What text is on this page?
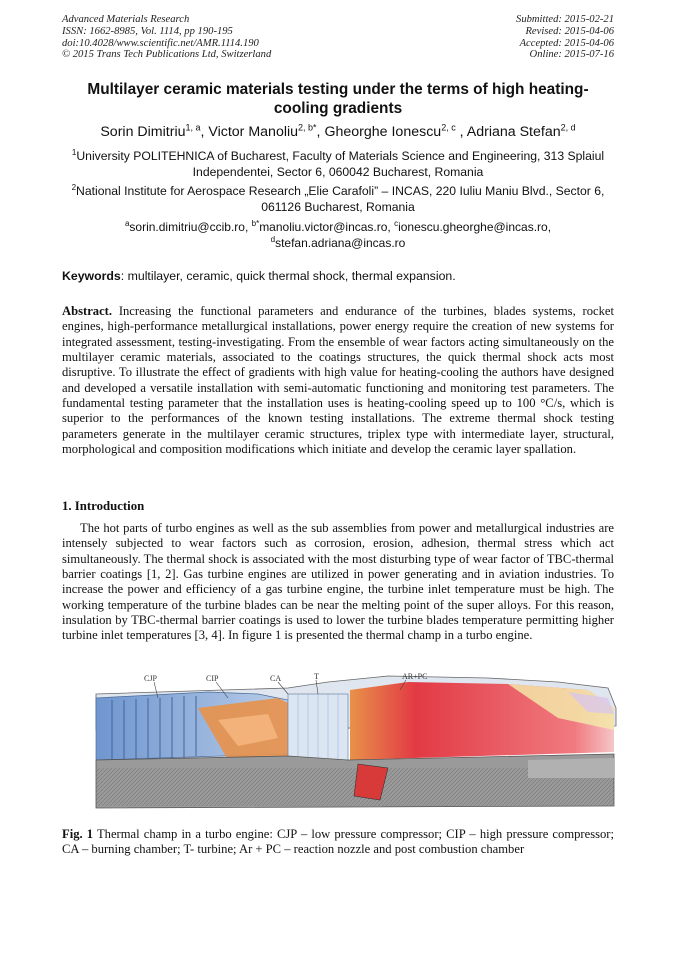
Advanced Materials Research
ISSN: 1662-8985, Vol. 1114, pp 190-195
doi:10.4028/www.scientific.net/AMR.1114.190
© 2015 Trans Tech Publications Ltd, Switzerland
Submitted: 2015-02-21
Revised: 2015-04-06
Accepted: 2015-04-06
Online: 2015-07-16
Multilayer ceramic materials testing under the terms of high heating-cooling gradients
Sorin Dimitriu$^{1, a}$, Victor Manoliu$^{2, b*}$, Gheorghe Ionescu$^{2, c}$ , Adriana Stefan$^{2, d}$
$^1$University POLITEHNICA of Bucharest, Faculty of Materials Science and Engineering, 313 Splaiul Independentei, Sector 6, 060042 Bucharest, Romania
$^2$National Institute for Aerospace Research „Elie Carafoli” – INCAS, 220 Iuliu Maniu Blvd., Sector 6, 061126 Bucharest, Romania
$^a$sorin.dimitriu@ccib.ro, $^{b*}$manoliu.victor@incas.ro, $^c$ionescu.gheorghe@incas.ro,
$^d$stefan.adriana@incas.ro
Keywords: multilayer, ceramic, quick thermal shock, thermal expansion.
Abstract. Increasing the functional parameters and endurance of the turbines, blades systems, rocket engines, high-performance metallurgical installations, power energy require the creation of new systems for integrated assessment, testing-investigating. From the ensemble of wear factors acting simultaneously on the multilayer ceramic materials, associated to the coatings structures, the quick thermal shock acts most disruptive. To illustrate the effect of gradients with high value for heating-cooling the authors have designed and developed a versatile installation with semi-automatic functioning and monitoring test parameters. The fundamental testing parameter that the installation uses is heating-cooling speed up to 100 °C/s, which is superior to the performances of the known testing installations. The extreme thermal shock testing parameters generate in the multilayer ceramic structures, triplex type with intermediate layer, structural, morphological and composition modifications which initiate and develop the ceramic layer spallation.
1. Introduction
The hot parts of turbo engines as well as the sub assemblies from power and metallurgical industries are intensely subjected to wear factors such as corrosion, erosion, adhesion, thermal stress which act simultaneously. The thermal shock is associated with the most disturbing type of wear factor of TBC-thermal barrier coatings [1, 2]. Gas turbine engines are utilized in power generating and in aviation industries. To increase the power and efficiency of a gas turbine engine, the turbine inlet temperature must be high. The working temperature of the turbine blades can be near the melting point of the super alloys. For this reason, insulation by TBC-thermal barrier coatings is used to lower the turbine blades temperature permitting higher turbine inlet temperatures [3, 4]. In figure 1 is presented the thermal champ in a turbo engine.
CJP	CIP	CA	T	AR+PC
Fig. 1 Thermal champ in a turbo engine: CJP – low pressure compressor; CIP – high pressure compressor; CA – burning chamber; T- turbine; Ar + PC – reaction nozzle and post combustion chamber
